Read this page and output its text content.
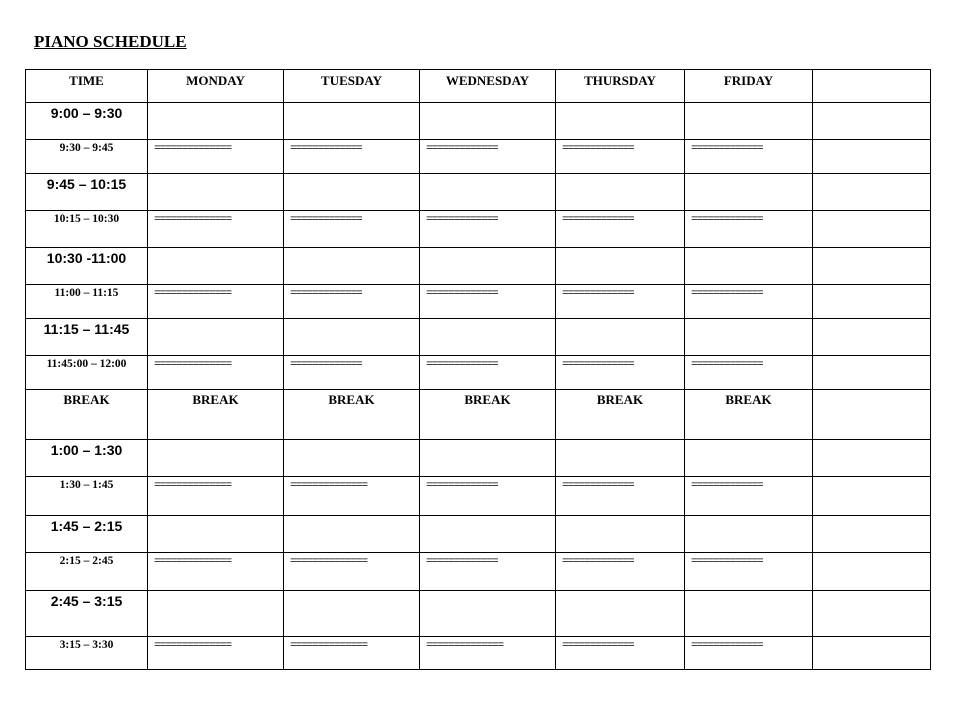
PIANO SCHEDULE
TIME	MONDAY	TUESDAY	WEDNESDAY	THURSDAY	FRIDAY	
9:00 – 9:30						
9:30 – 9:45	==============	=============	=============	=============	=============	
9:45 – 10:15						
10:15 – 10:30	==============	=============	=============	=============	=============	
10:30 -11:00						
11:00 – 11:15	==============	=============	=============	=============	=============	
11:15 – 11:45						
11:45:00 – 12:00	==============	=============	=============	=============	=============	
BREAK	BREAK	BREAK	BREAK	BREAK	BREAK	
1:00 – 1:30						
1:30 – 1:45	==============	==============	=============	=============	=============	
1:45 – 2:15						
2:15 – 2:45	==============	==============	=============	=============	=============	
2:45 – 3:15						
3:15 – 3:30	==============	==============	==============	=============	=============	
